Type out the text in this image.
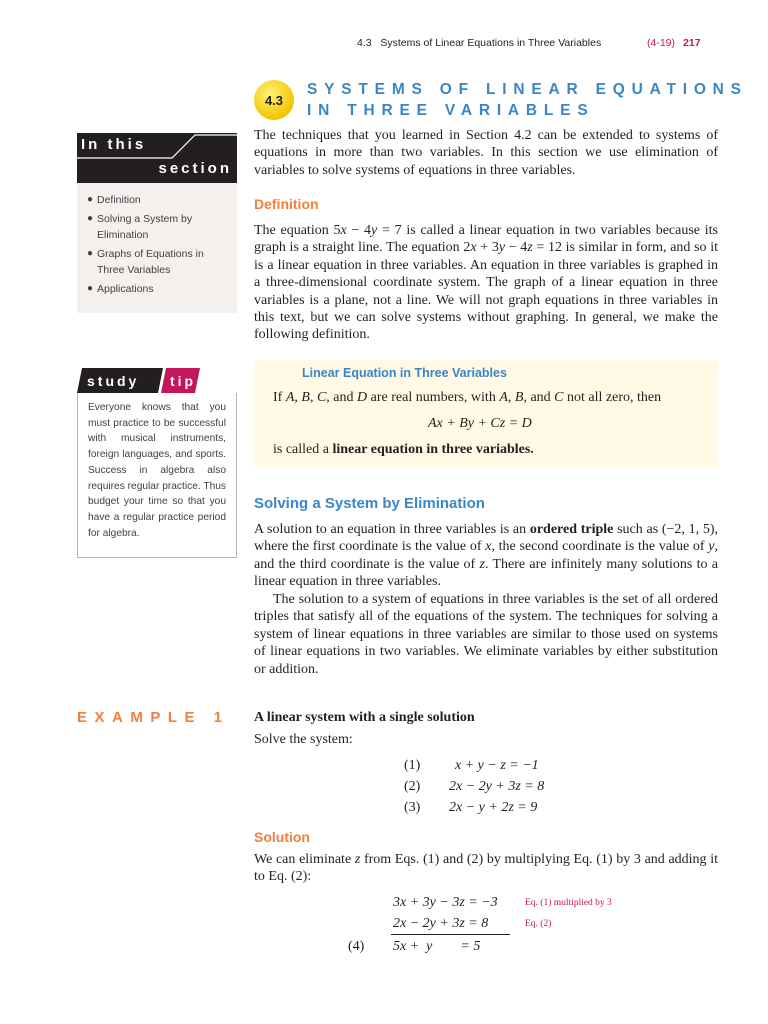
4.3 Systems of Linear Equations in Three Variables	(4-19) 217
4.3
SYSTEMS OF LINEAR EQUATIONS
IN THREE VARIABLES
In this
section
● Definition
● Solving a System by Elimination
● Graphs of Equations in Three Variables
● Applications
study tip
Everyone knows that you must practice to be successful with musical instruments, foreign languages, and sports. Success in algebra also requires regular practice. Thus budget your time so that you have a regular practice period for algebra.

The techniques that you learned in Section 4.2 can be extended to systems of equations in more than two variables. In this section we use elimination of variables to solve systems of equations in three variables.

Definition

The equation 5x − 4y = 7 is called a linear equation in two variables because its graph is a straight line. The equation 2x + 3y − 4z = 12 is similar in form, and so it is a linear equation in three variables. An equation in three variables is graphed in a three-dimensional coordinate system. The graph of a linear equation in three variables is a plane, not a line. We will not graph equations in three variables in this text, but we can solve systems without graphing. In general, we make the following definition.

Linear Equation in Three Variables
If A, B, C, and D are real numbers, with A, B, and C not all zero, then
Ax + By + Cz = D
is called a linear equation in three variables.
Solving a System by Elimination

A solution to an equation in three variables is an ordered triple such as (−2, 1, 5), where the first coordinate is the value of x, the second coordinate is the value of y, and the third coordinate is the value of z. There are infinitely many solutions to a linear equation in three variables.

The solution to a system of equations in three variables is the set of all ordered triples that satisfy all of the equations of the system. The techniques for solving a system of linear equations in three variables are similar to those used on systems of linear equations in two variables. We eliminate variables by either substitution or addition.

EXAMPLE 1 A linear system with a single solution
Solve the system:
(1) x + y − z = −1
(2) 2x − 2y + 3z = 8
(3) 2x − y + 2z = 9
Solution

We can eliminate z from Eqs. (1) and (2) by multiplying Eq. (1) by 3 and adding it to Eq. (2):

3x + 3y − 3z = −3	Eq. (1) multiplied by 3
2x − 2y + 3z = 8	Eq. (2)
(4) 5x +  y        = 5
